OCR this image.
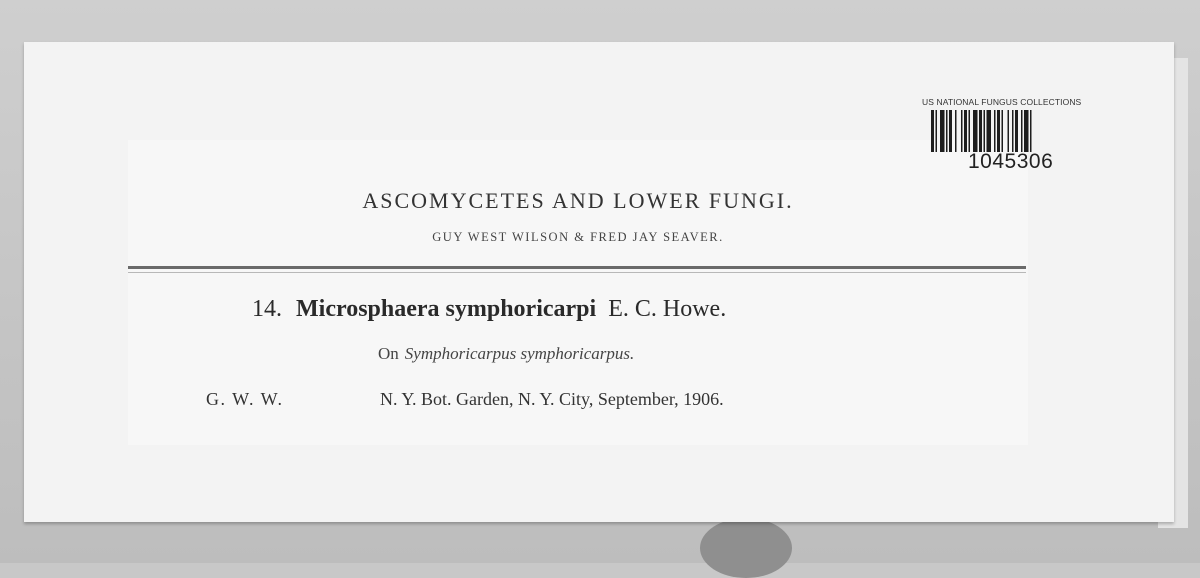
US NATIONAL FUNGUS COLLECTIONS
1045306
ASCOMYCETES AND LOWER FUNGI.
GUY WEST WILSON & FRED JAY SEAVER.
14. Microsphaera symphoricarpi E. C. Howe.
On Symphoricarpus symphoricarpus.
G. W. W.	N. Y. Bot. Garden, N. Y. City, September, 1906.
